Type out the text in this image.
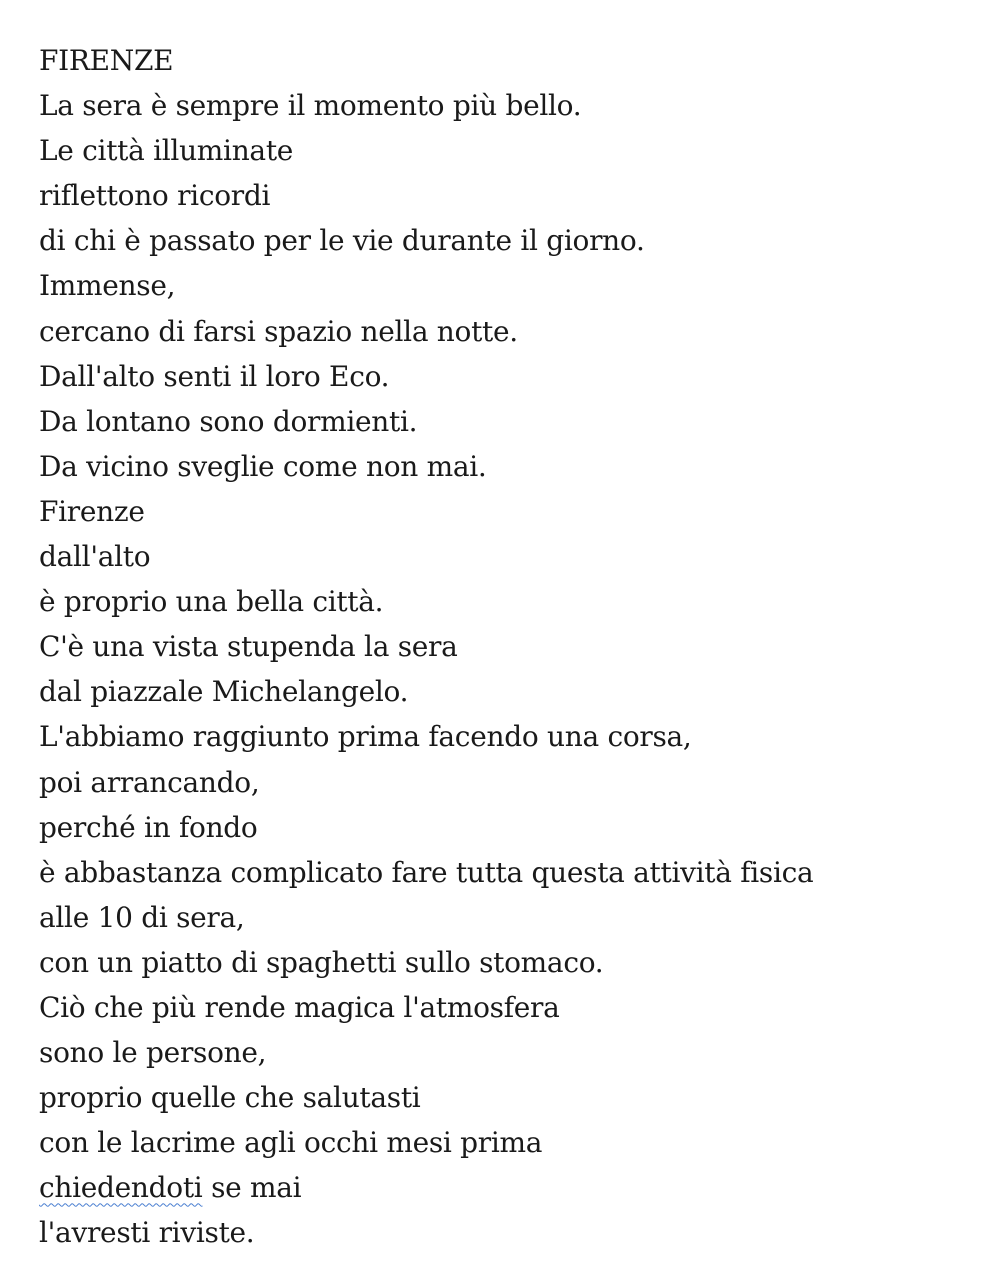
FIRENZE
La sera è sempre il momento più bello.
Le città illuminate
riflettono ricordi
di chi è passato per le vie durante il giorno.
Immense,
cercano di farsi spazio nella notte.
Dall'alto senti il loro Eco.
Da lontano sono dormienti.
Da vicino sveglie come non mai.
Firenze
dall'alto
è proprio una bella città.
C'è una vista stupenda la sera
dal piazzale Michelangelo.
L'abbiamo raggiunto prima facendo una corsa,
poi arrancando,
perché in fondo
è abbastanza complicato fare tutta questa attività fisica
alle 10 di sera,
con un piatto di spaghetti sullo stomaco.
Ciò che più rende magica l'atmosfera
sono le persone,
proprio quelle che salutasti
con le lacrime agli occhi mesi prima
chiedendoti se mai
l'avresti riviste.
